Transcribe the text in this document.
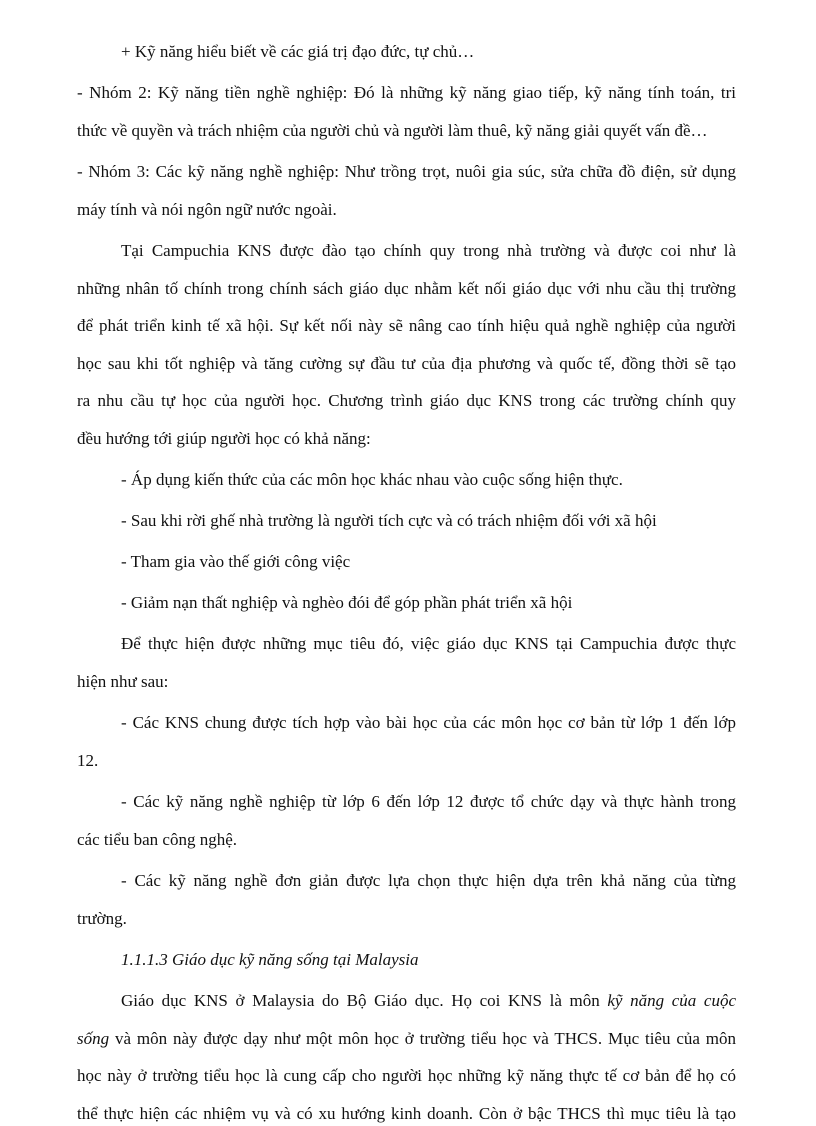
+ Kỹ năng hiểu biết về các giá trị đạo đức, tự chủ…
- Nhóm 2: Kỹ năng tiền nghề nghiệp: Đó là những kỹ năng giao tiếp, kỹ năng tính toán, tri
thức về quyền và trách nhiệm của người chủ và người làm thuê, kỹ năng giải quyết vấn đề…
- Nhóm 3: Các kỹ năng nghề nghiệp: Như trồng trọt, nuôi gia súc, sửa chữa đồ điện, sử dụng
máy tính và nói ngôn ngữ nước ngoài.
Tại Campuchia KNS được đào tạo chính quy trong nhà trường và được coi như là
những nhân tố chính trong chính sách giáo dục nhằm kết nối giáo dục với nhu cầu thị trường
để phát triển kinh tế xã hội. Sự kết nối này sẽ nâng cao tính hiệu quả nghề nghiệp của người
học sau khi tốt nghiệp và tăng cường sự đầu tư của địa phương và quốc tế, đồng thời sẽ tạo
ra nhu cầu tự học của người học. Chương trình giáo dục KNS trong các trường chính quy
đều hướng tới giúp người học có khả năng:
- Áp dụng kiến thức của các môn học khác nhau vào cuộc sống hiện thực.
- Sau khi rời ghế nhà trường là người tích cực và có trách nhiệm đối với xã hội
- Tham gia vào thế giới công việc
- Giảm nạn thất nghiệp và nghèo đói để góp phần phát triển xã hội
Để thực hiện được những mục tiêu đó, việc giáo dục KNS tại Campuchia được thực
hiện như sau:
- Các KNS chung được tích hợp vào bài học của các môn học cơ bản từ lớp 1 đến lớp
12.
- Các kỹ năng nghề nghiệp từ lớp 6 đến lớp 12 được tổ chức dạy và thực hành trong
các tiểu ban công nghệ.
- Các kỹ năng nghề đơn giản được lựa chọn thực hiện dựa trên khả năng của từng
trường.
1.1.1.3 Giáo dục kỹ năng sống tại Malaysia
Giáo dục KNS ở Malaysia do Bộ Giáo dục. Họ coi KNS là môn kỹ năng của cuộc
sống và môn này được dạy như một môn học ở trường tiểu học và THCS. Mục tiêu của môn
học này ở trường tiểu học là cung cấp cho người học những kỹ năng thực tế cơ bản để họ có
thể thực hiện các nhiệm vụ và có xu hướng kinh doanh. Còn ở bậc THCS thì mục tiêu là tạo
